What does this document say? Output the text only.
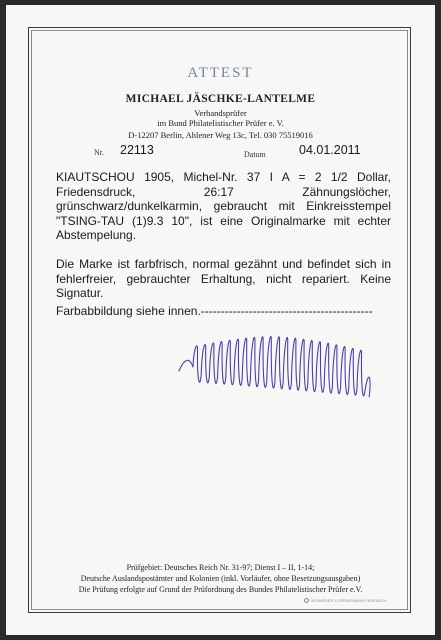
ATTEST
MICHAEL JÄSCHKE-LANTELME
Verbandsprüfer
im Bund Philatelistischer Prüfer e. V.
D-12207 Berlin, Ahlener Weg 13c, Tel. 030 75519016
Nr. 22113	Datum	04.01.2011
KIAUTSCHOU 1905, Michel-Nr. 37 I A = 2 1/2 Dollar, Friedensdruck, 26:17 Zähnungslöcher, grünschwarz/dunkelkarmin, gebraucht mit Einkreisstempel "TSING-TAU (1)9.3 10", ist eine Originalmarke mit echter Abstempelung.
Die Marke ist farbfrisch, normal gezähnt und befindet sich in fehlerfreier, gebrauchter Erhaltung, nicht repariert. Keine Signatur.
Farbabbildung siehe innen.-------------------------------------------
Prüfgebiet: Deutsches Reich Nr. 31-97; Dienst I – II, 1-14;
Deutsche Auslandspostämter und Kolonien (inkl. Vorläufer, ohne Besetzungsausgaben)
Die Prüfung erfolgte auf Grund der Prüfordnung des Bundes Philatelistischer Prüfer e.V.
SCHNEIDER & SPRINGMANN PRÜFBUCH
